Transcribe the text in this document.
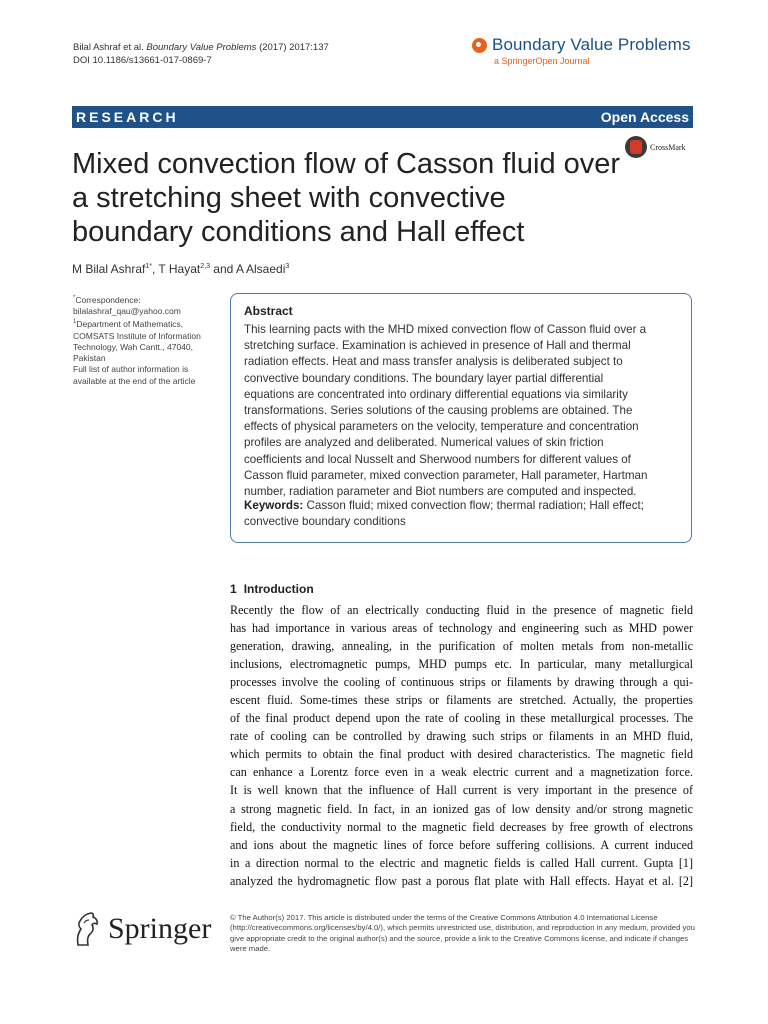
Bilal Ashraf et al. Boundary Value Problems (2017) 2017:137
DOI 10.1186/s13661-017-0869-7
Boundary Value Problems
a SpringerOpen Journal
RESEARCH	Open Access
CrossMark
Mixed convection flow of Casson fluid over a stretching sheet with convective boundary conditions and Hall effect
M Bilal Ashraf$^{1*}$, T Hayat$^{2,3}$ and A Alsaedi$^3$
*Correspondence:
bilalashraf_qau@yahoo.com
$^1$Department of Mathematics, COMSATS Institute of Information Technology, Wah Cantt., 47040, Pakistan
Full list of author information is available at the end of the article
Abstract
This learning pacts with the MHD mixed convection flow of Casson fluid over a stretching surface. Examination is achieved in presence of Hall and thermal radiation effects. Heat and mass transfer analysis is deliberated subject to convective boundary conditions. The boundary layer partial differential equations are concentrated into ordinary differential equations via similarity transformations. Series solutions of the causing problems are obtained. The effects of physical parameters on the velocity, temperature and concentration profiles are analyzed and deliberated. Numerical values of skin friction coefficients and local Nusselt and Sherwood numbers for different values of Casson fluid parameter, mixed convection parameter, Hall parameter, Hartman number, radiation parameter and Biot numbers are computed and inspected.
Keywords: Casson fluid; mixed convection flow; thermal radiation; Hall effect; convective boundary conditions
1 Introduction
Recently the flow of an electrically conducting fluid in the presence of magnetic field
has had importance in various areas of technology and engineering such as MHD power
generation, drawing, annealing, in the purification of molten metals from non-metallic
inclusions, electromagnetic pumps, MHD pumps etc. In particular, many metallurgical
processes involve the cooling of continuous strips or filaments by drawing through a qui-
escent fluid. Some-times these strips or filaments are stretched. Actually, the properties
of the final product depend upon the rate of cooling in these metallurgical processes. The
rate of cooling can be controlled by drawing such strips or filaments in an MHD fluid,
which permits to obtain the final product with desired characteristics. The magnetic field
can enhance a Lorentz force even in a weak electric current and a magnetization force.
It is well known that the influence of Hall current is very important in the presence of
a strong magnetic field. In fact, in an ionized gas of low density and/or strong magnetic
field, the conductivity normal to the magnetic field decreases by free growth of electrons
and ions about the magnetic lines of force before suffering collisions. A current induced
in a direction normal to the electric and magnetic fields is called Hall current. Gupta [1]
analyzed the hydromagnetic flow past a porous flat plate with Hall effects. Hayat et al. [2]
Springer © The Author(s) 2017. This article is distributed under the terms of the Creative Commons Attribution 4.0 International License (http://creativecommons.org/licenses/by/4.0/), which permits unrestricted use, distribution, and reproduction in any medium, provided you give appropriate credit to the original author(s) and the source, provide a link to the Creative Commons license, and indicate if changes were made.
